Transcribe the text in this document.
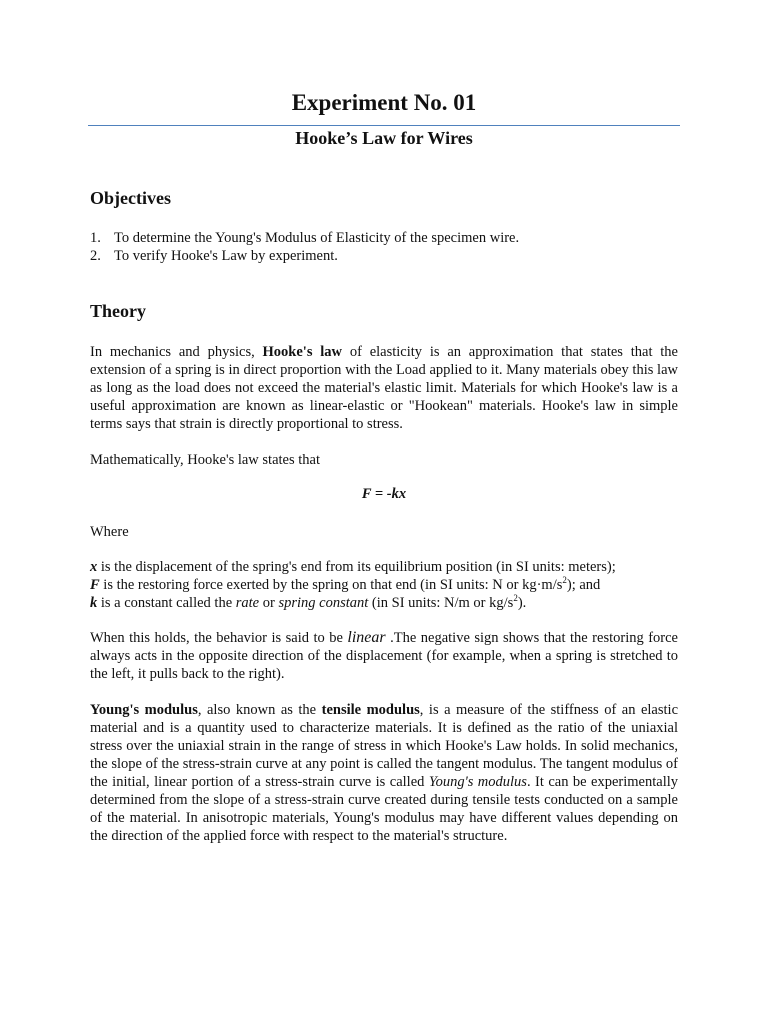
Experiment No. 01
Hooke’s Law for Wires
Objectives
1. To determine the Young's Modulus of Elasticity of the specimen wire.
2. To verify Hooke's Law by experiment.
Theory

In mechanics and physics, Hooke's law of elasticity is an approximation that states that the extension of a spring is in direct proportion with the Load applied to it. Many materials obey this law as long as the load does not exceed the material's elastic limit. Materials for which Hooke's law is a useful approximation are known as linear-elastic or "Hookean" materials. Hooke's law in simple terms says that strain is directly proportional to stress.

Mathematically, Hooke's law states that

F = -kx

Where

x is the displacement of the spring's end from its equilibrium position (in SI units: meters);
F is the restoring force exerted by the spring on that end (in SI units: N or $kg\cdot m/s^2$); and
k is a constant called the rate or spring constant (in SI units: N/m or $kg/s^2$).

When this holds, the behavior is said to be linear .The negative sign shows that the restoring force always acts in the opposite direction of the displacement (for example, when a spring is stretched to the left, it pulls back to the right).

Young's modulus, also known as the tensile modulus, is a measure of the stiffness of an elastic material and is a quantity used to characterize materials. It is defined as the ratio of the uniaxial stress over the uniaxial strain in the range of stress in which Hooke's Law holds. In solid mechanics, the slope of the stress-strain curve at any point is called the tangent modulus. The tangent modulus of the initial, linear portion of a stress-strain curve is called Young's modulus. It can be experimentally determined from the slope of a stress-strain curve created during tensile tests conducted on a sample of the material. In anisotropic materials, Young's modulus may have different values depending on the direction of the applied force with respect to the material's structure.
